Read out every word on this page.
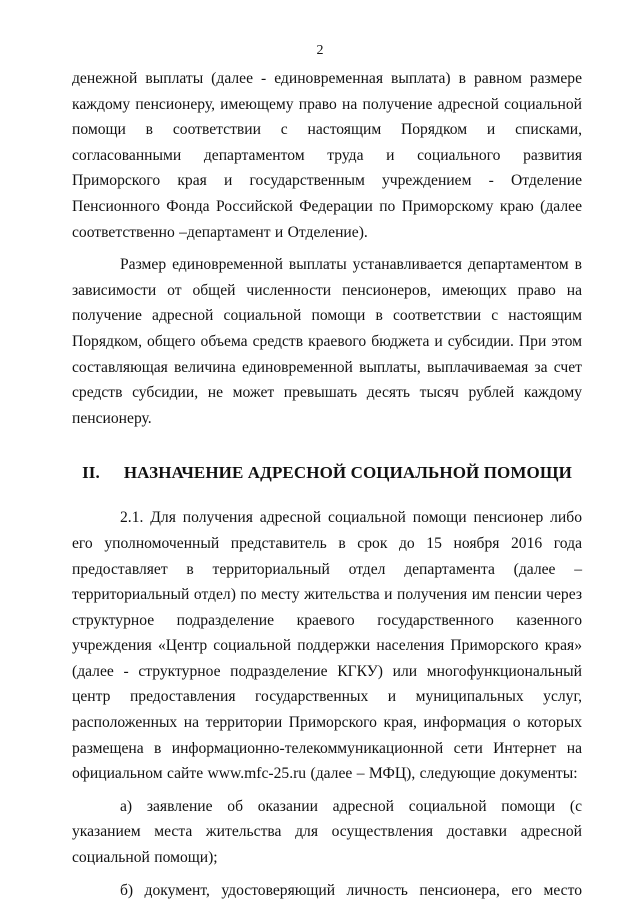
2

денежной выплаты (далее - единовременная выплата) в равном размере каждому пенсионеру, имеющему право на получение адресной социальной помощи в соответствии с настоящим Порядком и списками, согласованными департаментом труда и социального развития Приморского края и государственным учреждением - Отделение Пенсионного Фонда Российской Федерации по Приморскому краю (далее соответственно –департамент и Отделение).

Размер единовременной выплаты устанавливается департаментом в зависимости от общей численности пенсионеров, имеющих право на получение адресной социальной помощи в соответствии с настоящим Порядком, общего объема средств краевого бюджета и субсидии. При этом составляющая величина единовременной выплаты, выплачиваемая за счет средств субсидии, не может превышать десять тысяч рублей каждому пенсионеру.

II. НАЗНАЧЕНИЕ АДРЕСНОЙ СОЦИАЛЬНОЙ ПОМОЩИ

2.1. Для получения адресной социальной помощи пенсионер либо его уполномоченный представитель в срок до 15 ноября 2016 года предоставляет в территориальный отдел департамента (далее – территориальный отдел) по месту жительства и получения им пенсии через структурное подразделение краевого государственного казенного учреждения «Центр социальной поддержки населения Приморского края» (далее - структурное подразделение КГКУ) или многофункциональный центр предоставления государственных и муниципальных услуг, расположенных на территории Приморского края, информация о которых размещена в информационно-телекоммуникационной сети Интернет на официальном сайте www.mfc-25.ru (далее – МФЦ), следующие документы:

а) заявление об оказании адресной социальной помощи (с указанием места жительства для осуществления доставки адресной социальной помощи);

б) документ, удостоверяющий личность пенсионера, его место
